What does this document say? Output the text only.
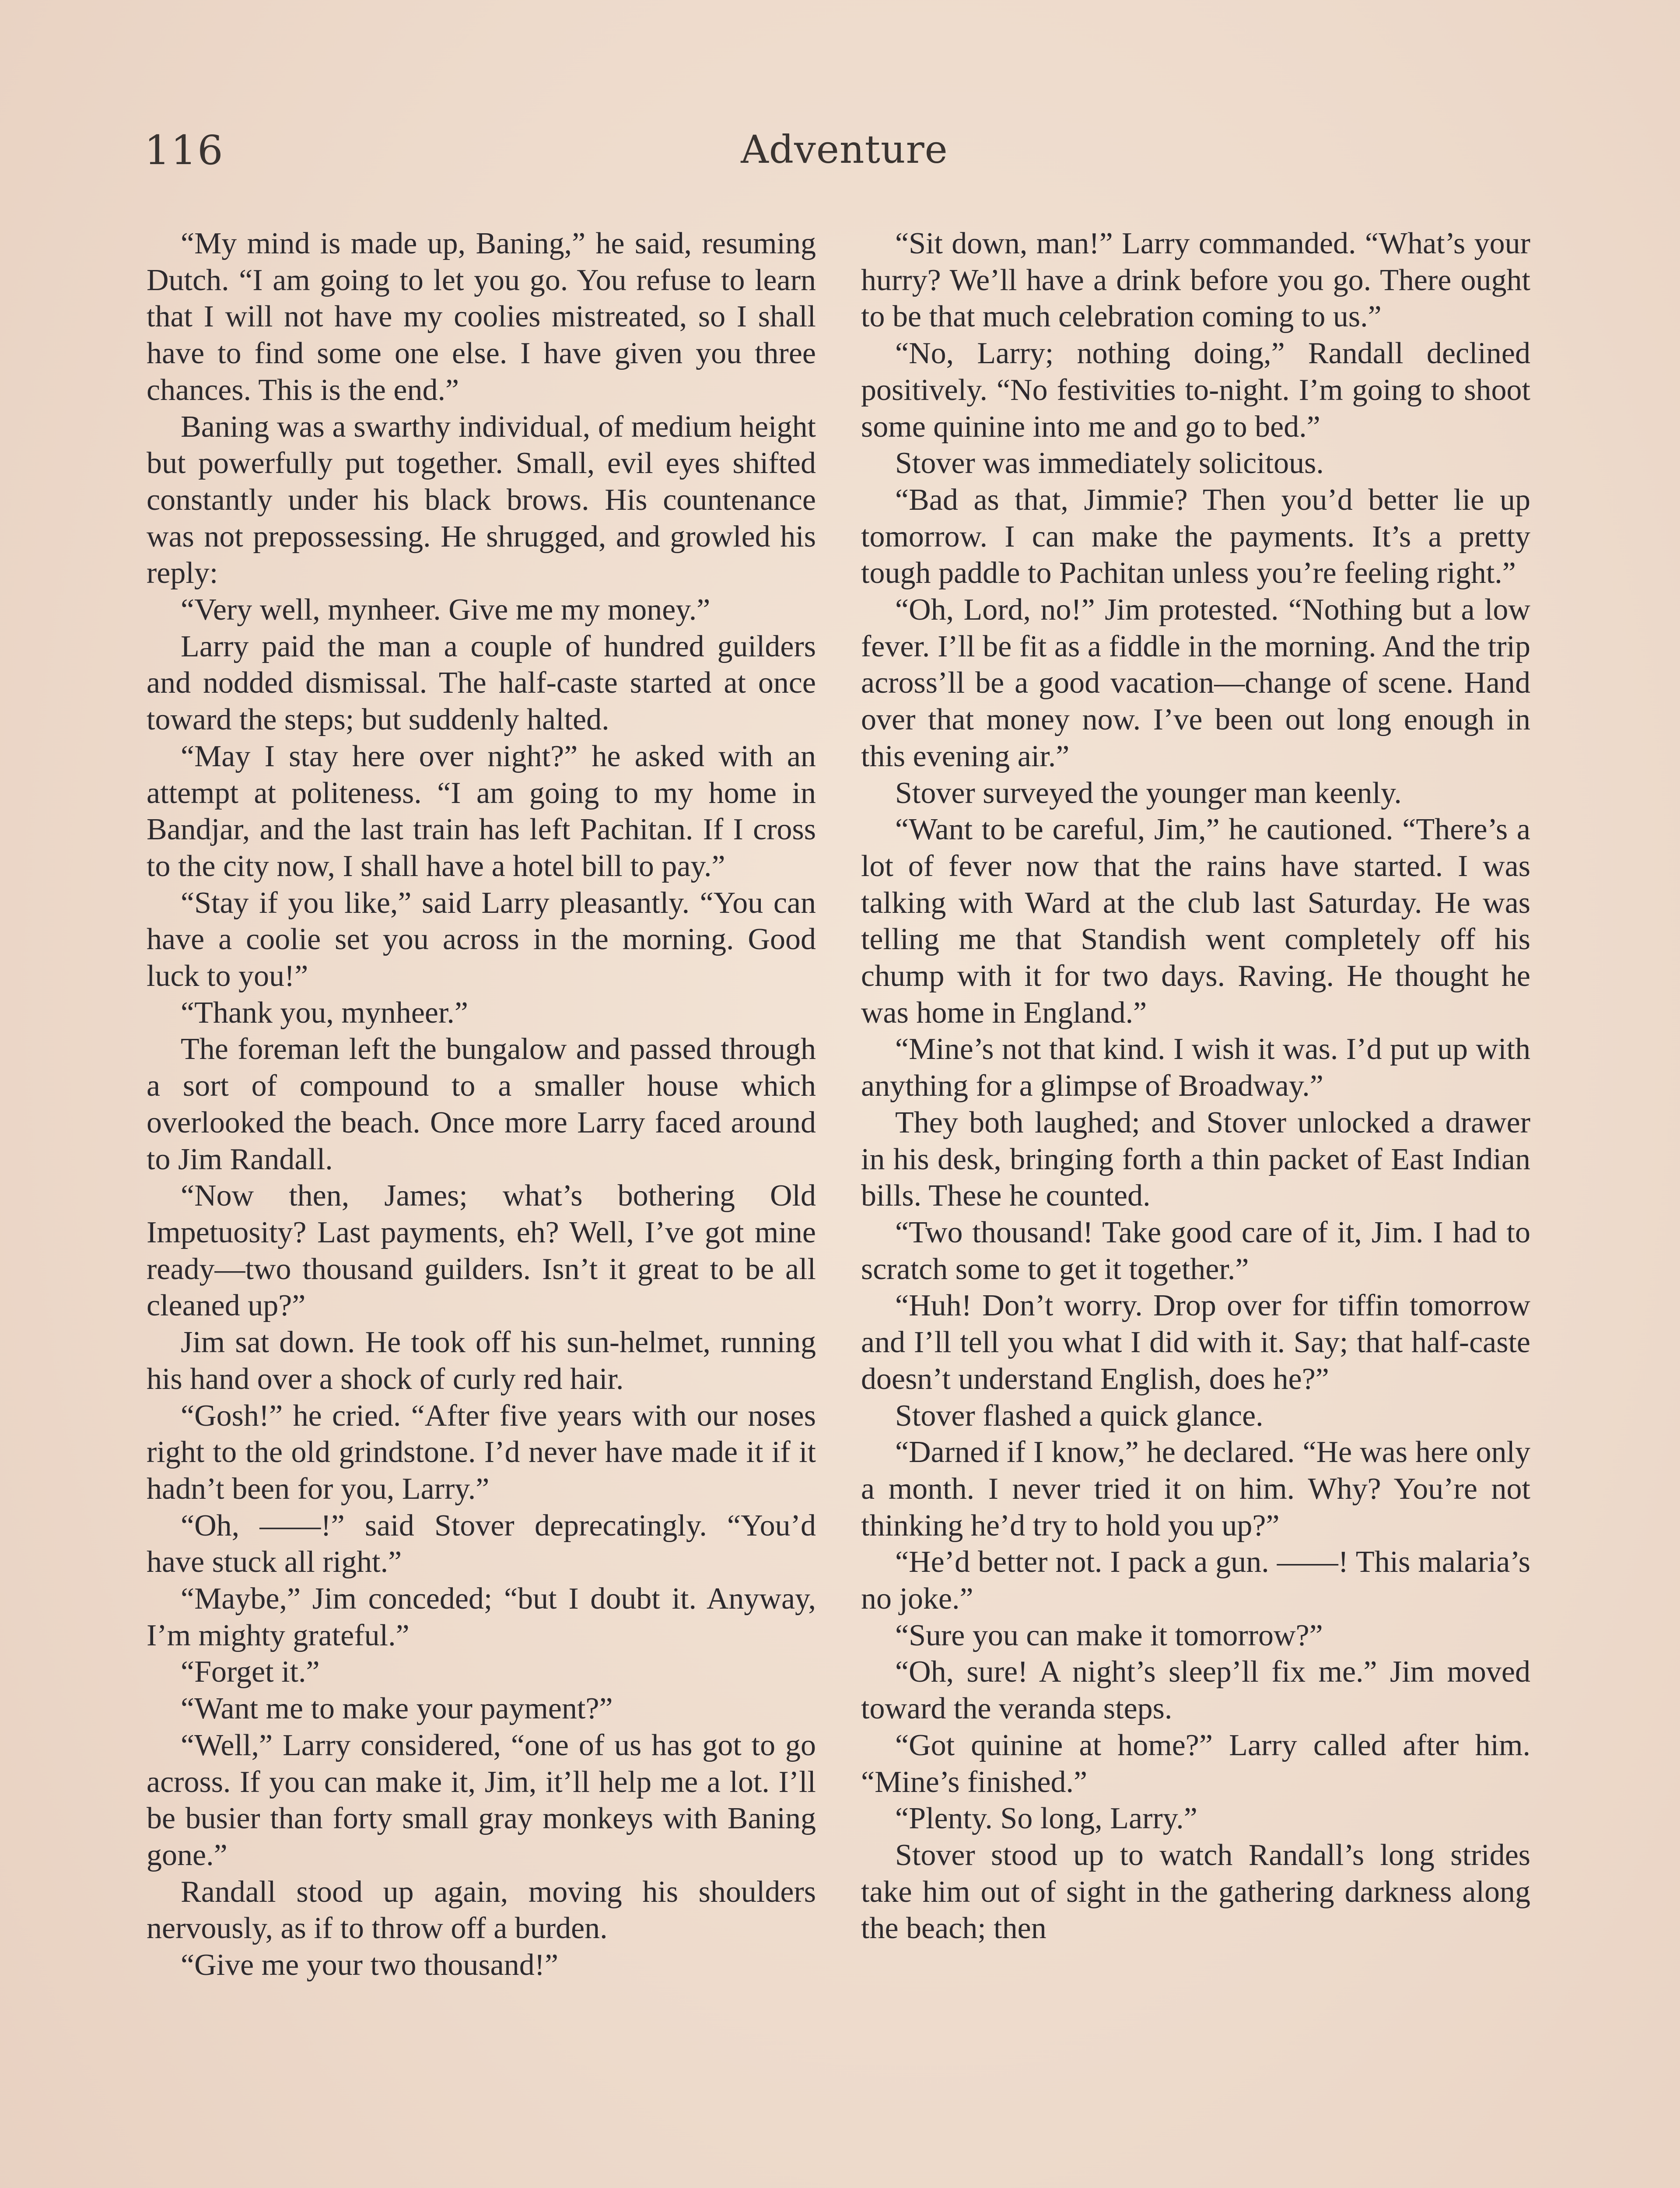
116	Adventure

“My mind is made up, Baning,” he said, resuming Dutch. “I am going to let you go. You refuse to learn that I will not have my coolies mistreated, so I shall have to find some one else. I have given you three chances. This is the end.”

Baning was a swarthy individual, of medium height but powerfully put together. Small, evil eyes shifted constantly under his black brows. His countenance was not prepossessing. He shrugged, and growled his reply:

“Very well, mynheer. Give me my money.”

Larry paid the man a couple of hundred guilders and nodded dismissal. The half-caste started at once toward the steps; but suddenly halted.

“May I stay here over night?” he asked with an attempt at politeness. “I am going to my home in Bandjar, and the last train has left Pachitan. If I cross to the city now, I shall have a hotel bill to pay.”

“Stay if you like,” said Larry pleasantly. “You can have a coolie set you across in the morning. Good luck to you!”

“Thank you, mynheer.”

The foreman left the bungalow and passed through a sort of compound to a smaller house which overlooked the beach. Once more Larry faced around to Jim Randall.

“Now then, James; what’s bothering Old Impetuosity? Last payments, eh? Well, I’ve got mine ready—two thousand guilders. Isn’t it great to be all cleaned up?”

Jim sat down. He took off his sun-helmet, running his hand over a shock of curly red hair.

“Gosh!” he cried. “After five years with our noses right to the old grindstone. I’d never have made it if it hadn’t been for you, Larry.”

“Oh, ——!” said Stover deprecatingly. “You’d have stuck all right.”

“Maybe,” Jim conceded; “but I doubt it. Anyway, I’m mighty grateful.”

“Forget it.”

“Want me to make your payment?”

“Well,” Larry considered, “one of us has got to go across. If you can make it, Jim, it’ll help me a lot. I’ll be busier than forty small gray monkeys with Baning gone.”

Randall stood up again, moving his shoulders nervously, as if to throw off a burden.

“Give me your two thousand!”

“Sit down, man!” Larry commanded. “What’s your hurry? We’ll have a drink before you go. There ought to be that much celebration coming to us.”

“No, Larry; nothing doing,” Randall declined positively. “No festivities to-night. I’m going to shoot some quinine into me and go to bed.”

Stover was immediately solicitous.

“Bad as that, Jimmie? Then you’d better lie up tomorrow. I can make the payments. It’s a pretty tough paddle to Pachitan unless you’re feeling right.”

“Oh, Lord, no!” Jim protested. “Nothing but a low fever. I’ll be fit as a fiddle in the morning. And the trip across’ll be a good vacation—change of scene. Hand over that money now. I’ve been out long enough in this evening air.”

Stover surveyed the younger man keenly.

“Want to be careful, Jim,” he cautioned. “There’s a lot of fever now that the rains have started. I was talking with Ward at the club last Saturday. He was telling me that Standish went completely off his chump with it for two days. Raving. He thought he was home in England.”

“Mine’s not that kind. I wish it was. I’d put up with anything for a glimpse of Broadway.”

They both laughed; and Stover unlocked a drawer in his desk, bringing forth a thin packet of East Indian bills. These he counted.

“Two thousand! Take good care of it, Jim. I had to scratch some to get it together.”

“Huh! Don’t worry. Drop over for tiffin tomorrow and I’ll tell you what I did with it. Say; that half-caste doesn’t understand English, does he?”

Stover flashed a quick glance.

“Darned if I know,” he declared. “He was here only a month. I never tried it on him. Why? You’re not thinking he’d try to hold you up?”

“He’d better not. I pack a gun. ——! This malaria’s no joke.”

“Sure you can make it tomorrow?”

“Oh, sure! A night’s sleep’ll fix me.” Jim moved toward the veranda steps.

“Got quinine at home?” Larry called after him. “Mine’s finished.”

“Plenty. So long, Larry.”

Stover stood up to watch Randall’s long strides take him out of sight in the gathering darkness along the beach; then
